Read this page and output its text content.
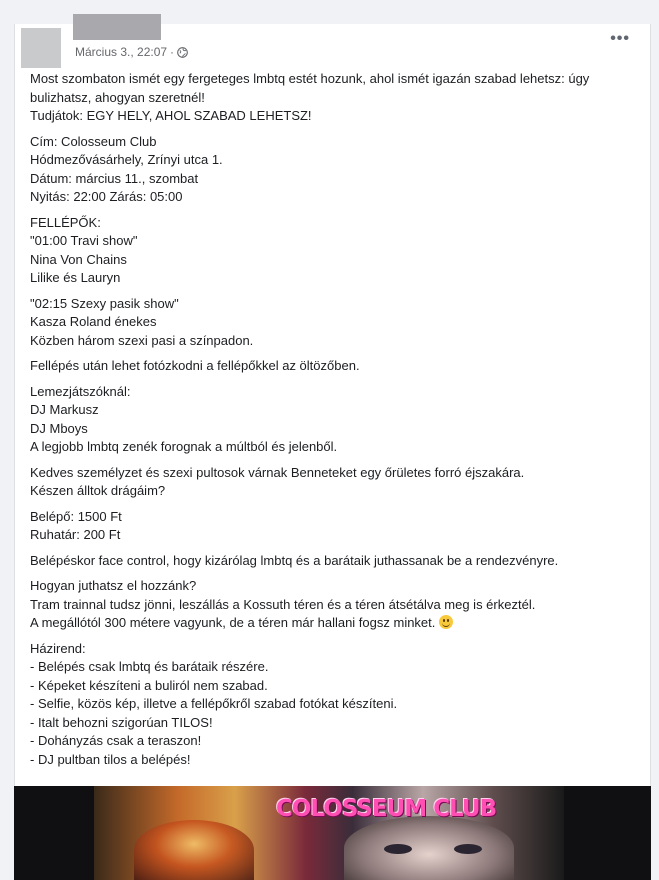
Március 3., 22:07 ·
•••

Most szombaton ismét egy fergeteges lmbtq estét hozunk, ahol ismét igazán szabad lehetsz: úgy
bulizhatsz, ahogyan szeretnél!
Tudjátok: EGY HELY, AHOL SZABAD LEHETSZ!

Cím: Colosseum Club
Hódmezővásárhely, Zrínyi utca 1.
Dátum: március 11., szombat
Nyitás: 22:00 Zárás: 05:00

FELLÉPŐK:
"01:00 Travi show"
Nina Von Chains
Lilike és Lauryn

"02:15 Szexy pasik show"
Kasza Roland énekes
Közben három szexi pasi a színpadon.

Fellépés után lehet fotózkodni a fellépőkkel az öltözőben.

Lemezjátszóknál:
DJ Markusz
DJ Mboys
A legjobb lmbtq zenék forognak a múltból és jelenből.

Kedves személyzet és szexi pultosok várnak Benneteket egy őrületes forró éjszakára.
Készen álltok drágáim?

Belépő: 1500 Ft
Ruhatár: 200 Ft

Belépéskor face control, hogy kizárólag lmbtq és a barátaik juthassanak be a rendezvényre.

Hogyan juthatsz el hozzánk?
Tram trainnal tudsz jönni, leszállás a Kossuth téren és a téren átsétálva meg is érkeztél.
A megállótól 300 métere vagyunk, de a téren már hallani fogsz minket.

Házirend:
- Belépés csak lmbtq és barátaik részére.
- Képeket készíteni a buliról nem szabad.
- Selfie, közös kép, illetve a fellépőkről szabad fotókat készíteni.
- Italt behozni szigorúan TILOS!
- Dohányzás csak a teraszon!
- DJ pultban tilos a belépés!

COLOSSEUM CLUB
